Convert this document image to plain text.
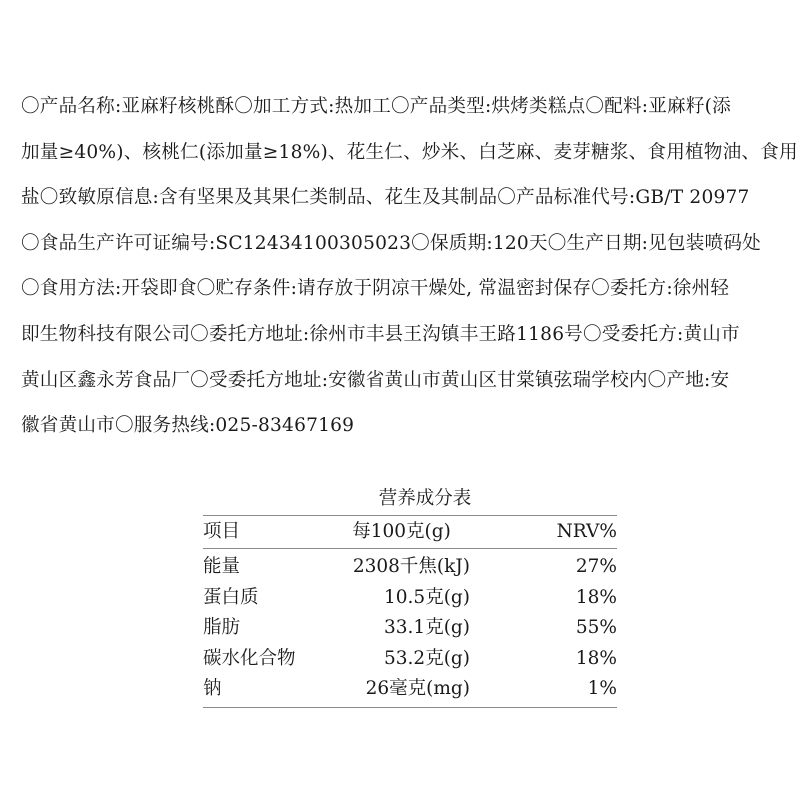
〇产品名称:亚麻籽核桃酥〇加工方式:热加工〇产品类型:烘烤类糕点〇配料:亚麻籽(添
加量≥40%)、核桃仁(添加量≥18%)、花生仁、炒米、白芝麻、麦芽糖浆、食用植物油、食用
盐〇致敏原信息:含有坚果及其果仁类制品、花生及其制品〇产品标准代号:GB/T 20977
〇食品生产许可证编号:SC12434100305023〇保质期:120天〇生产日期:见包装喷码处
〇食用方法:开袋即食〇贮存条件:请存放于阴凉干燥处, 常温密封保存〇委托方:徐州轻
即生物科技有限公司〇委托方地址:徐州市丰县王沟镇丰王路1186号〇受委托方:黄山市
黄山区鑫永芳食品厂〇受委托方地址:安徽省黄山市黄山区甘棠镇弦瑞学校内〇产地:安
徽省黄山市〇服务热线:025-83467169
营养成分表
项目	每100克(g)	NRV%
能量	2308千焦(kJ)	27%
蛋白质	10.5克(g)	18%
脂肪	33.1克(g)	55%
碳水化合物	53.2克(g)	18%
钠	26毫克(mg)	1%
